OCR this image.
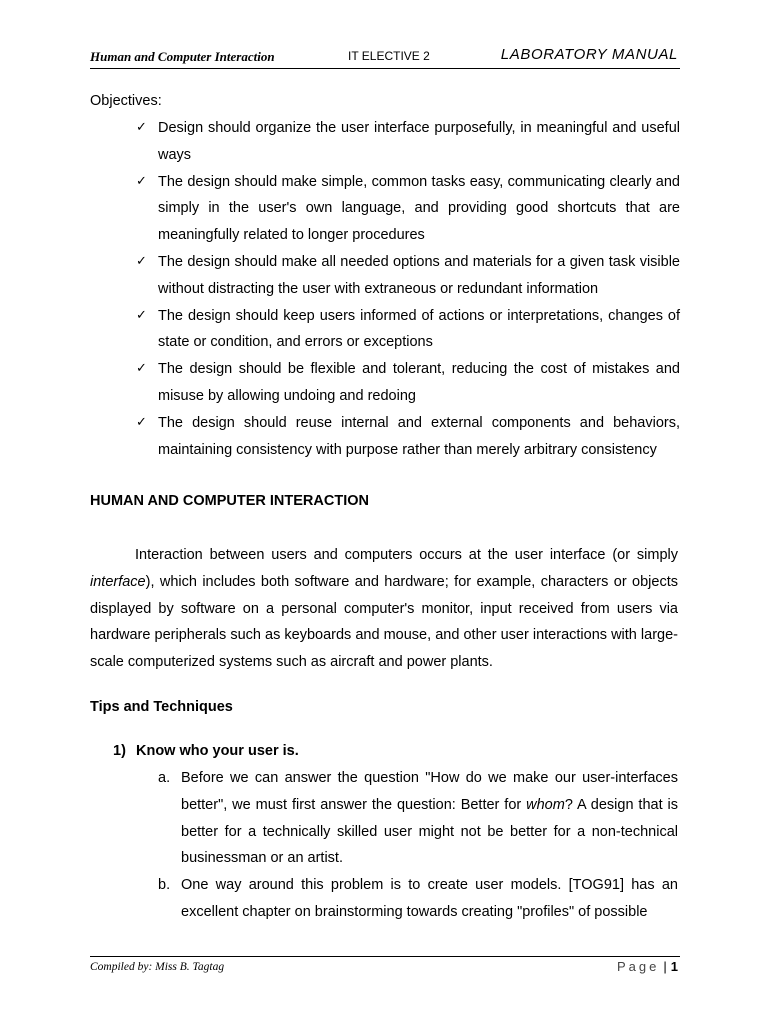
Human and Computer Interaction	IT ELECTIVE 2	LABORATORY MANUAL
Objectives:
✓ Design should organize the user interface purposefully, in meaningful and useful ways
✓ The design should make simple, common tasks easy, communicating clearly and simply in the user's own language, and providing good shortcuts that are meaningfully related to longer procedures
✓ The design should make all needed options and materials for a given task visible without distracting the user with extraneous or redundant information
✓ The design should keep users informed of actions or interpretations, changes of state or condition, and errors or exceptions
✓ The design should be flexible and tolerant, reducing the cost of mistakes and misuse by allowing undoing and redoing
✓ The design should reuse internal and external components and behaviors, maintaining consistency with purpose rather than merely arbitrary consistency
HUMAN AND COMPUTER INTERACTION
Interaction between users and computers occurs at the user interface (or simply interface), which includes both software and hardware; for example, characters or objects displayed by software on a personal computer's monitor, input received from users via hardware peripherals such as keyboards and mouse, and other user interactions with large-scale computerized systems such as aircraft and power plants.
Tips and Techniques
1) Know who your user is.
a. Before we can answer the question "How do we make our user-interfaces better", we must first answer the question: Better for whom? A design that is better for a technically skilled user might not be better for a non-technical businessman or an artist.
b. One way around this problem is to create user models. [TOG91] has an excellent chapter on brainstorming towards creating "profiles" of possible
Compiled by: Miss B. Tagtag	Page | 1
